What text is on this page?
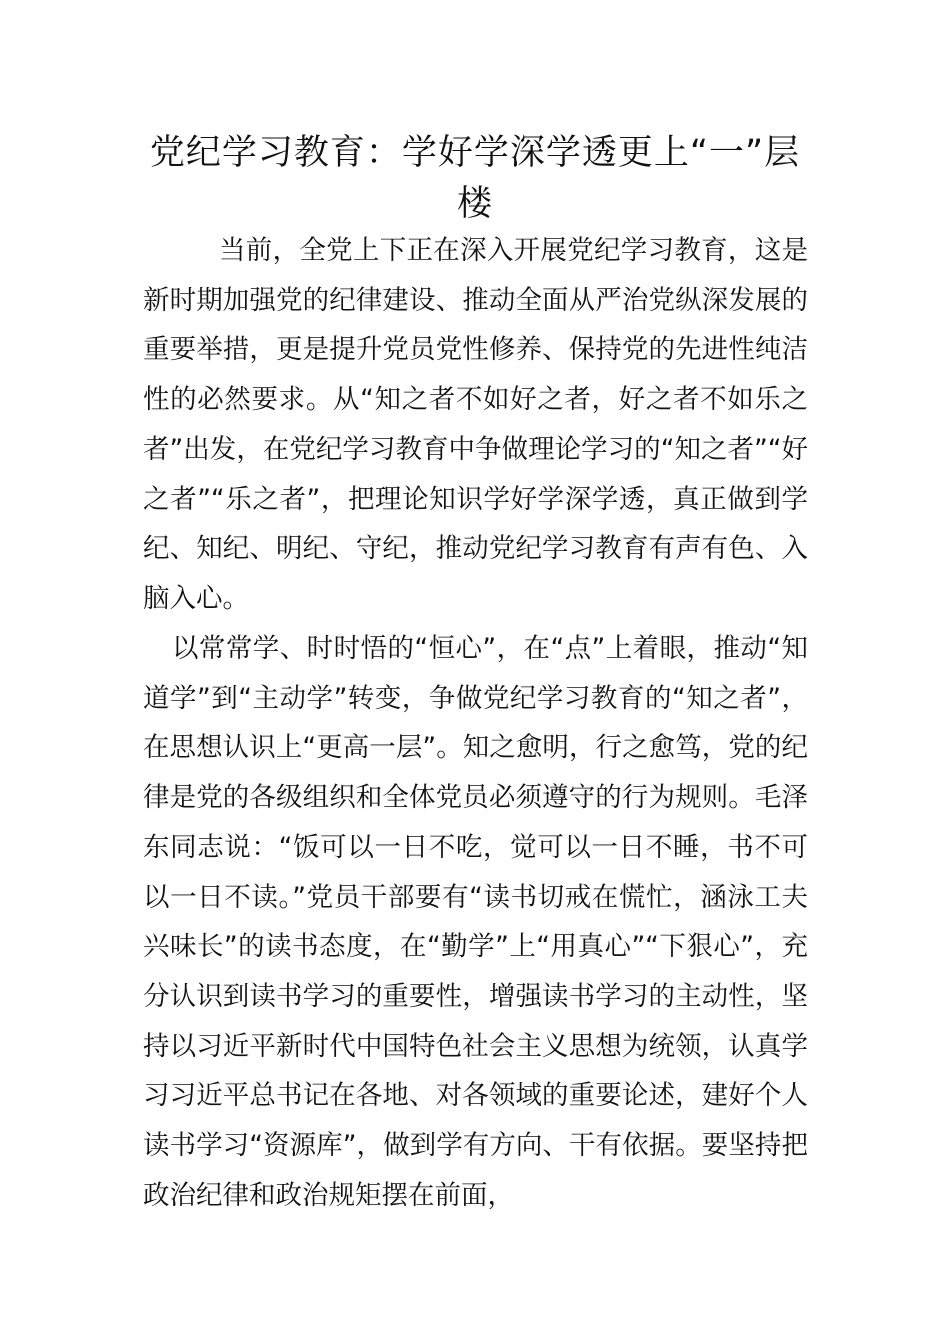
党纪学习教育：学好学深学透更上“一”层楼

当前，全党上下正在深入开展党纪学习教育，这是新时期加强党的纪律建设、推动全面从严治党纵深发展的重要举措，更是提升党员党性修养、保持党的先进性纯洁性的必然要求。从“知之者不如好之者，好之者不如乐之者”出发，在党纪学习教育中争做理论学习的“知之者”“好之者”“乐之者”，把理论知识学好学深学透，真正做到学纪、知纪、明纪、守纪，推动党纪学习教育有声有色、入脑入心。

以常常学、时时悟的“恒心”，在“点”上着眼，推动“知道学”到“主动学”转变，争做党纪学习教育的“知之者”，在思想认识上“更高一层”。知之愈明，行之愈笃，党的纪律是党的各级组织和全体党员必须遵守的行为规则。毛泽东同志说：“饭可以一日不吃，觉可以一日不睡，书不可以一日不读。”党员干部要有“读书切戒在慌忙，涵泳工夫兴味长”的读书态度，在“勤学”上“用真心”“下狠心”，充分认识到读书学习的重要性，增强读书学习的主动性，坚持以习近平新时代中国特色社会主义思想为统领，认真学习习近平总书记在各地、对各领域的重要论述，建好个人读书学习“资源库”，做到学有方向、干有依据。要坚持把政治纪律和政治规矩摆在前面，
